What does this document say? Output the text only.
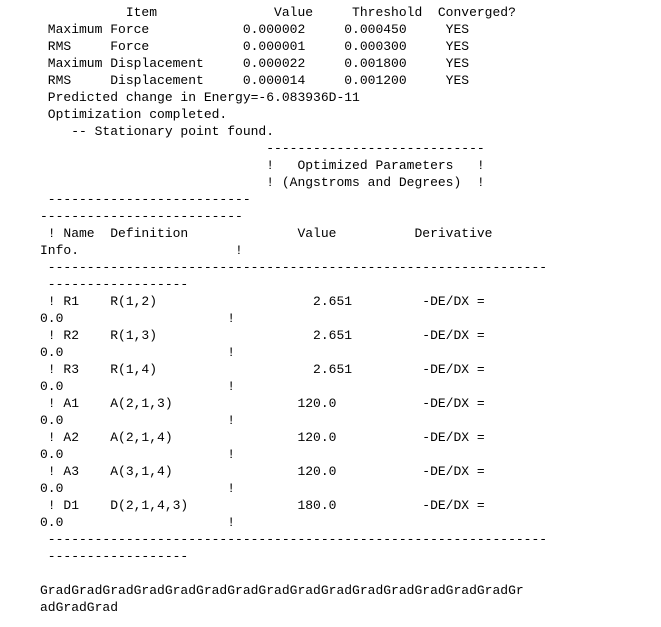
Item               Value     Threshold  Converged?
Maximum Force            0.000002     0.000450     YES
RMS     Force            0.000001     0.000300     YES
Maximum Displacement     0.000022     0.001800     YES
RMS     Displacement     0.000014     0.001200     YES
Predicted change in Energy=-6.083936D-11
Optimization completed.
-- Stationary point found.
----------------------------
!   Optimized Parameters   !
! (Angstroms and Degrees)  !
--------------------------
--------------------------
! Name  Definition              Value          Derivative
Info.                    !
----------------------------------------------------------------
------------------
! R1    R(1,2)                    2.651         -DE/DX =
0.0                     !
! R2    R(1,3)                    2.651         -DE/DX =
0.0                     !
! R3    R(1,4)                    2.651         -DE/DX =
0.0                     !
! A1    A(2,1,3)                120.0           -DE/DX =
0.0                     !
! A2    A(2,1,4)                120.0           -DE/DX =
0.0                     !
! A3    A(3,1,4)                120.0           -DE/DX =
0.0                     !
! D1    D(2,1,4,3)              180.0           -DE/DX =
0.0                     !
----------------------------------------------------------------
------------------
GradGradGradGradGradGradGradGradGradGradGradGradGradGradGradGr
adGradGrad
